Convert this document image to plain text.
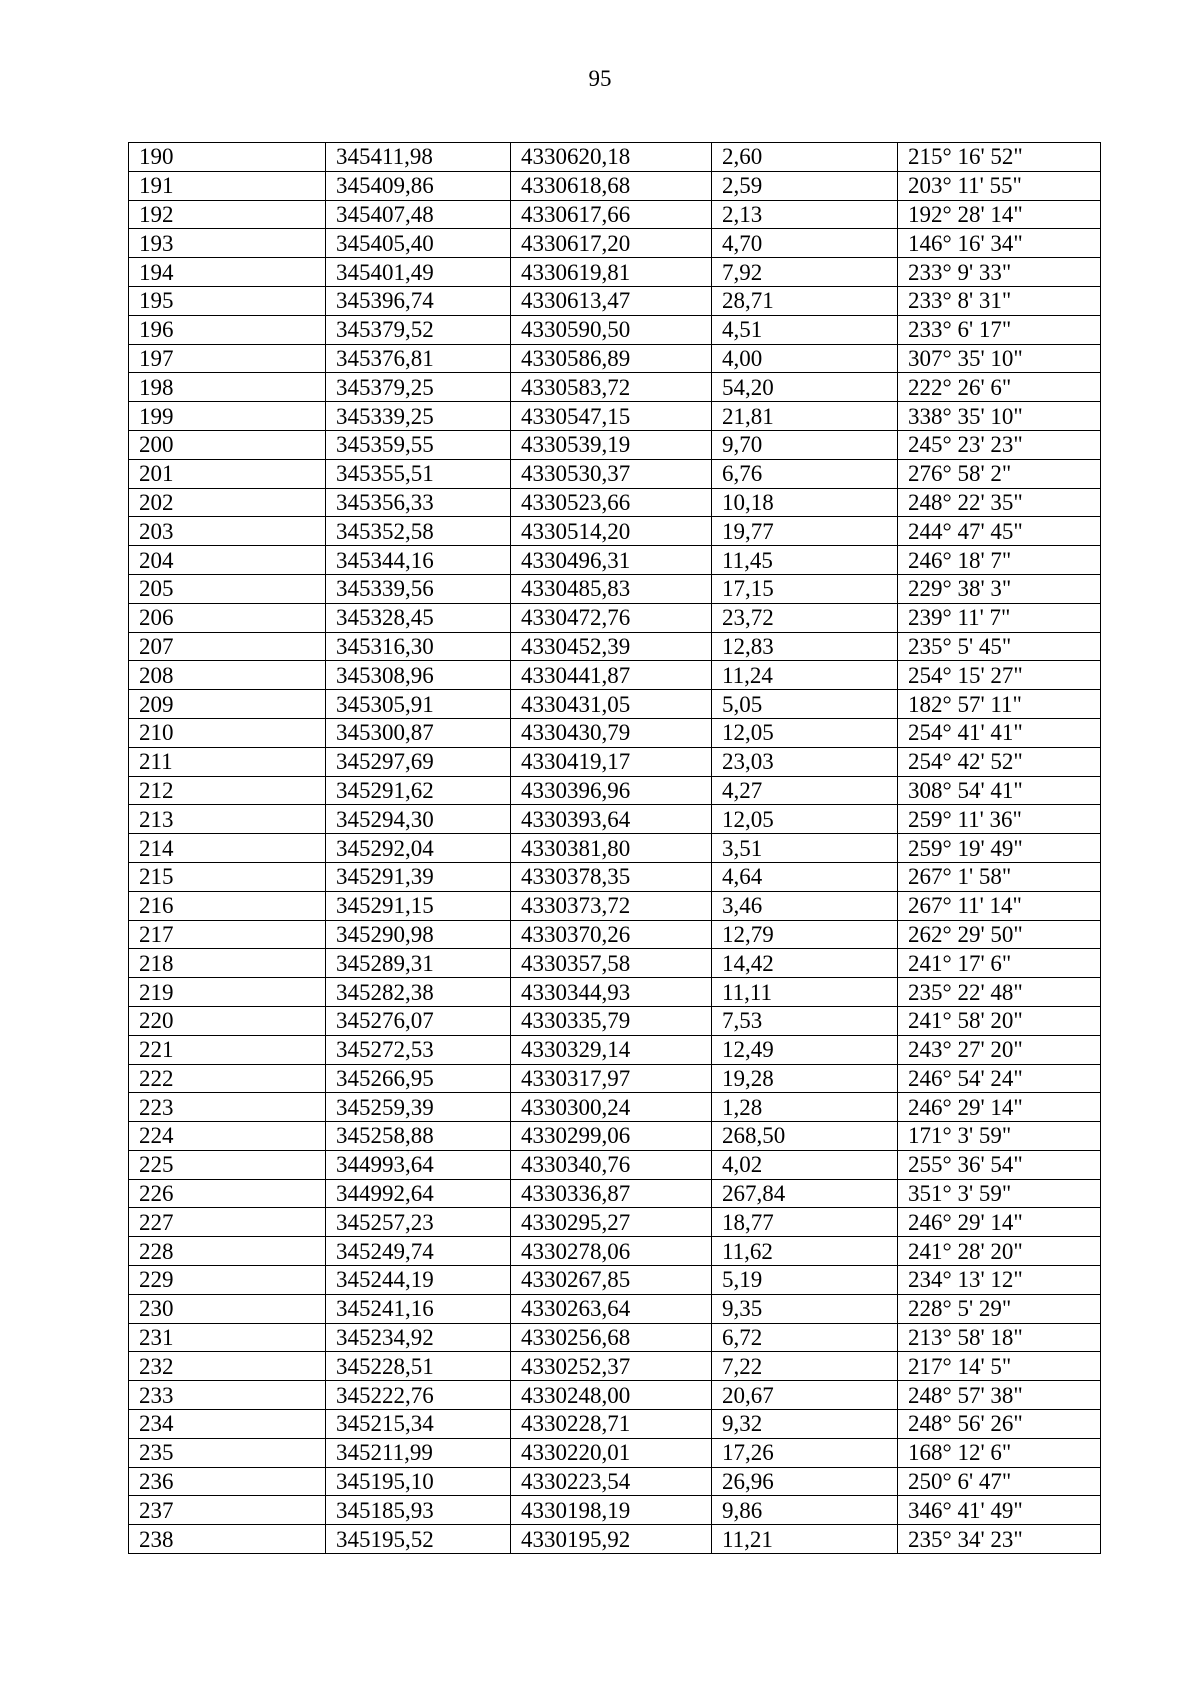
95
190	345411,98	4330620,18	2,60	215° 16' 52"
191	345409,86	4330618,68	2,59	203° 11' 55"
192	345407,48	4330617,66	2,13	192° 28' 14"
193	345405,40	4330617,20	4,70	146° 16' 34"
194	345401,49	4330619,81	7,92	233° 9' 33"
195	345396,74	4330613,47	28,71	233° 8' 31"
196	345379,52	4330590,50	4,51	233° 6' 17"
197	345376,81	4330586,89	4,00	307° 35' 10"
198	345379,25	4330583,72	54,20	222° 26' 6"
199	345339,25	4330547,15	21,81	338° 35' 10"
200	345359,55	4330539,19	9,70	245° 23' 23"
201	345355,51	4330530,37	6,76	276° 58' 2"
202	345356,33	4330523,66	10,18	248° 22' 35"
203	345352,58	4330514,20	19,77	244° 47' 45"
204	345344,16	4330496,31	11,45	246° 18' 7"
205	345339,56	4330485,83	17,15	229° 38' 3"
206	345328,45	4330472,76	23,72	239° 11' 7"
207	345316,30	4330452,39	12,83	235° 5' 45"
208	345308,96	4330441,87	11,24	254° 15' 27"
209	345305,91	4330431,05	5,05	182° 57' 11"
210	345300,87	4330430,79	12,05	254° 41' 41"
211	345297,69	4330419,17	23,03	254° 42' 52"
212	345291,62	4330396,96	4,27	308° 54' 41"
213	345294,30	4330393,64	12,05	259° 11' 36"
214	345292,04	4330381,80	3,51	259° 19' 49"
215	345291,39	4330378,35	4,64	267° 1' 58"
216	345291,15	4330373,72	3,46	267° 11' 14"
217	345290,98	4330370,26	12,79	262° 29' 50"
218	345289,31	4330357,58	14,42	241° 17' 6"
219	345282,38	4330344,93	11,11	235° 22' 48"
220	345276,07	4330335,79	7,53	241° 58' 20"
221	345272,53	4330329,14	12,49	243° 27' 20"
222	345266,95	4330317,97	19,28	246° 54' 24"
223	345259,39	4330300,24	1,28	246° 29' 14"
224	345258,88	4330299,06	268,50	171° 3' 59"
225	344993,64	4330340,76	4,02	255° 36' 54"
226	344992,64	4330336,87	267,84	351° 3' 59"
227	345257,23	4330295,27	18,77	246° 29' 14"
228	345249,74	4330278,06	11,62	241° 28' 20"
229	345244,19	4330267,85	5,19	234° 13' 12"
230	345241,16	4330263,64	9,35	228° 5' 29"
231	345234,92	4330256,68	6,72	213° 58' 18"
232	345228,51	4330252,37	7,22	217° 14' 5"
233	345222,76	4330248,00	20,67	248° 57' 38"
234	345215,34	4330228,71	9,32	248° 56' 26"
235	345211,99	4330220,01	17,26	168° 12' 6"
236	345195,10	4330223,54	26,96	250° 6' 47"
237	345185,93	4330198,19	9,86	346° 41' 49"
238	345195,52	4330195,92	11,21	235° 34' 23"
